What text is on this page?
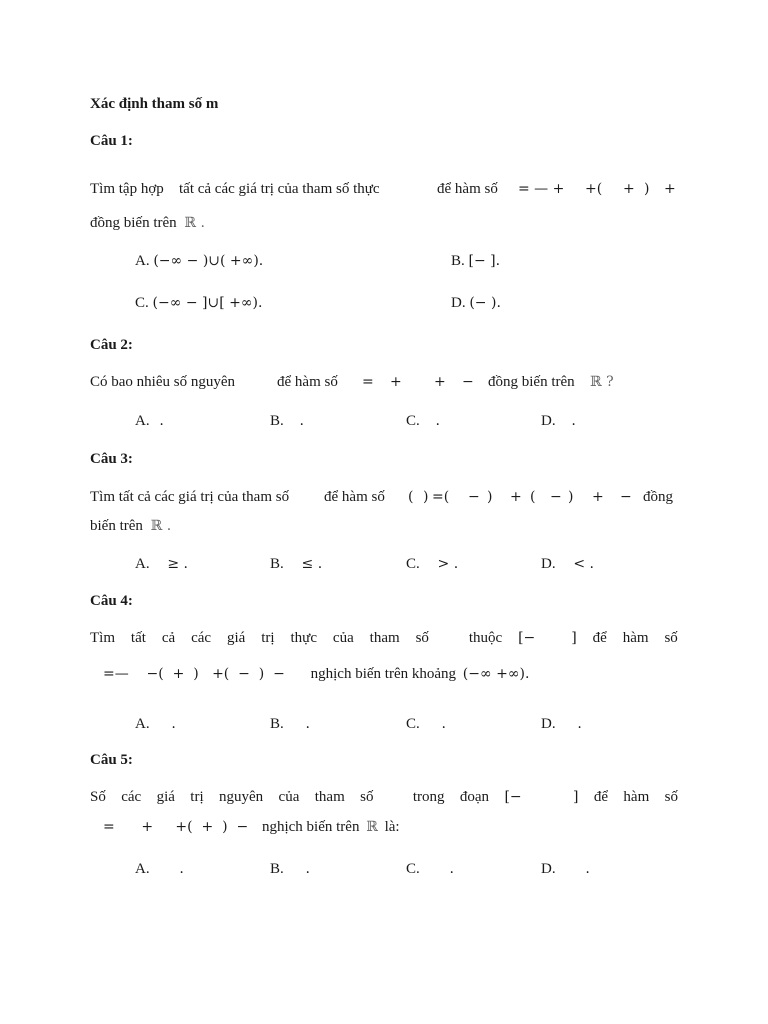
Xác định tham số m
Câu 1:
Tìm tập hợp tất cả các giá trị của tham số thực	để hàm số = — + +( + ) +
đồng biến trên ℝ .
A. (−∞ − )∪( +∞).	B. [− ].
C. (−∞ − ]∪[ +∞).	D. (− ).
Câu 2:
Có bao nhiêu số nguyên	để hàm số = + + − đồng biến trên ℝ ?
A. .	B. .	C. .	D. .
Câu 3:
Tìm tất cả các giá trị của tham số để hàm số ( ) =( − ) + ( − ) + − đồng
biến trên ℝ .
A. ≥ .	B. ≤ .	C. > .	D. < .
Câu 4:
Tìm tất cả các giá trị thực của tham số	thuộc [−	] để hàm số
=—    −(  +  )   +(  −  )  − nghịch biến trên khoảng (−∞ +∞).
A. .	B. .	C. .	D. .
Câu 5:
Số các giá trị nguyên của tham số	trong đoạn [−	] để hàm số
=      +     +(  +  )  − nghịch biến trên ℝ là:
A. .	B. .	C. .	D. .
